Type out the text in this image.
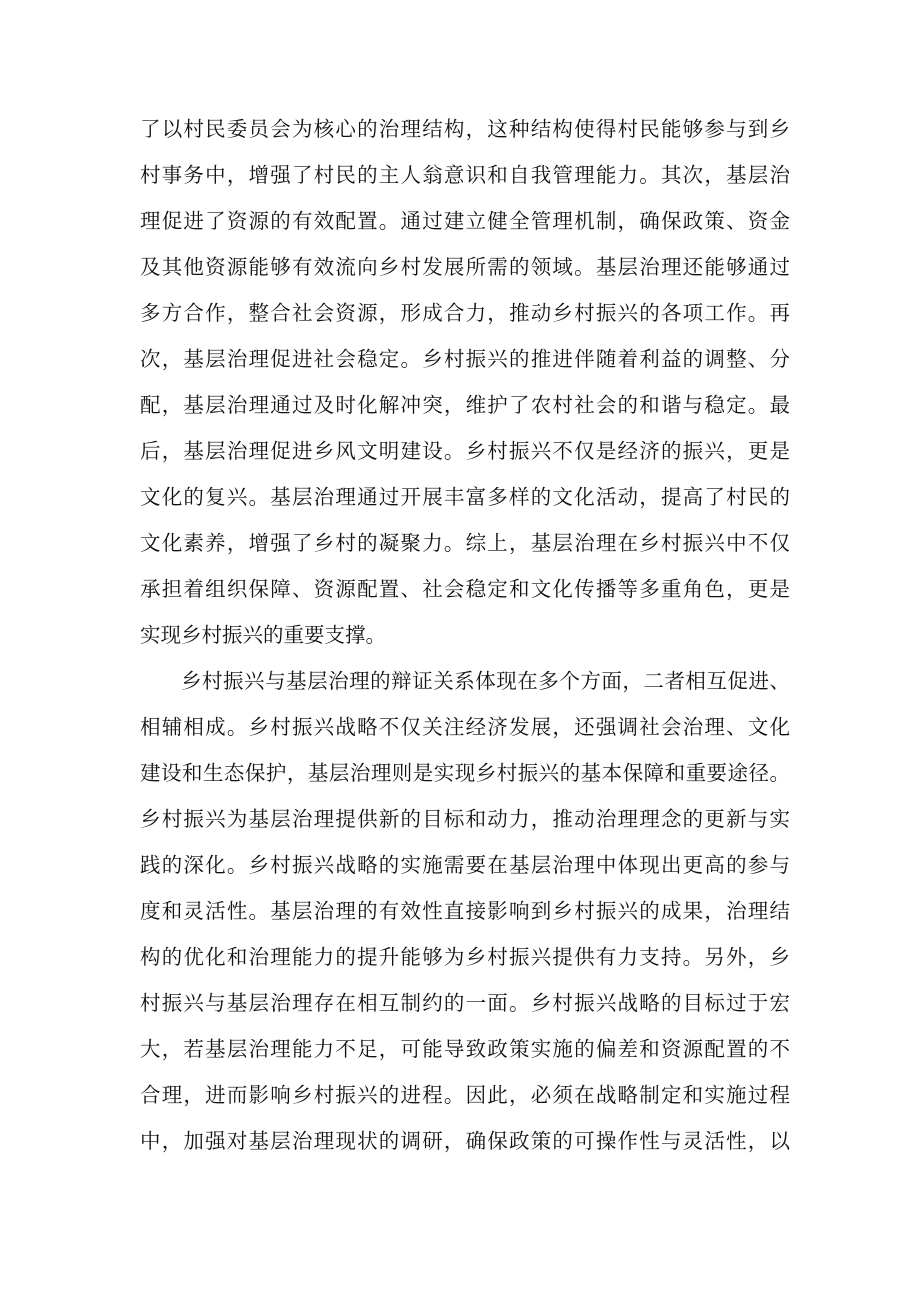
了以村民委员会为核心的治理结构，这种结构使得村民能够参与到乡
村事务中，增强了村民的主人翁意识和自我管理能力。其次，基层治
理促进了资源的有效配置。通过建立健全管理机制，确保政策、资金
及其他资源能够有效流向乡村发展所需的领域。基层治理还能够通过
多方合作，整合社会资源，形成合力，推动乡村振兴的各项工作。再
次，基层治理促进社会稳定。乡村振兴的推进伴随着利益的调整、分
配，基层治理通过及时化解冲突，维护了农村社会的和谐与稳定。最
后，基层治理促进乡风文明建设。乡村振兴不仅是经济的振兴，更是
文化的复兴。基层治理通过开展丰富多样的文化活动，提高了村民的
文化素养，增强了乡村的凝聚力。综上，基层治理在乡村振兴中不仅
承担着组织保障、资源配置、社会稳定和文化传播等多重角色，更是
实现乡村振兴的重要支撑。
乡村振兴与基层治理的辩证关系体现在多个方面，二者相互促进、
相辅相成。乡村振兴战略不仅关注经济发展，还强调社会治理、文化
建设和生态保护，基层治理则是实现乡村振兴的基本保障和重要途径。
乡村振兴为基层治理提供新的目标和动力，推动治理理念的更新与实
践的深化。乡村振兴战略的实施需要在基层治理中体现出更高的参与
度和灵活性。基层治理的有效性直接影响到乡村振兴的成果，治理结
构的优化和治理能力的提升能够为乡村振兴提供有力支持。另外，乡
村振兴与基层治理存在相互制约的一面。乡村振兴战略的目标过于宏
大，若基层治理能力不足，可能导致政策实施的偏差和资源配置的不
合理，进而影响乡村振兴的进程。因此，必须在战略制定和实施过程
中，加强对基层治理现状的调研，确保政策的可操作性与灵活性，以
